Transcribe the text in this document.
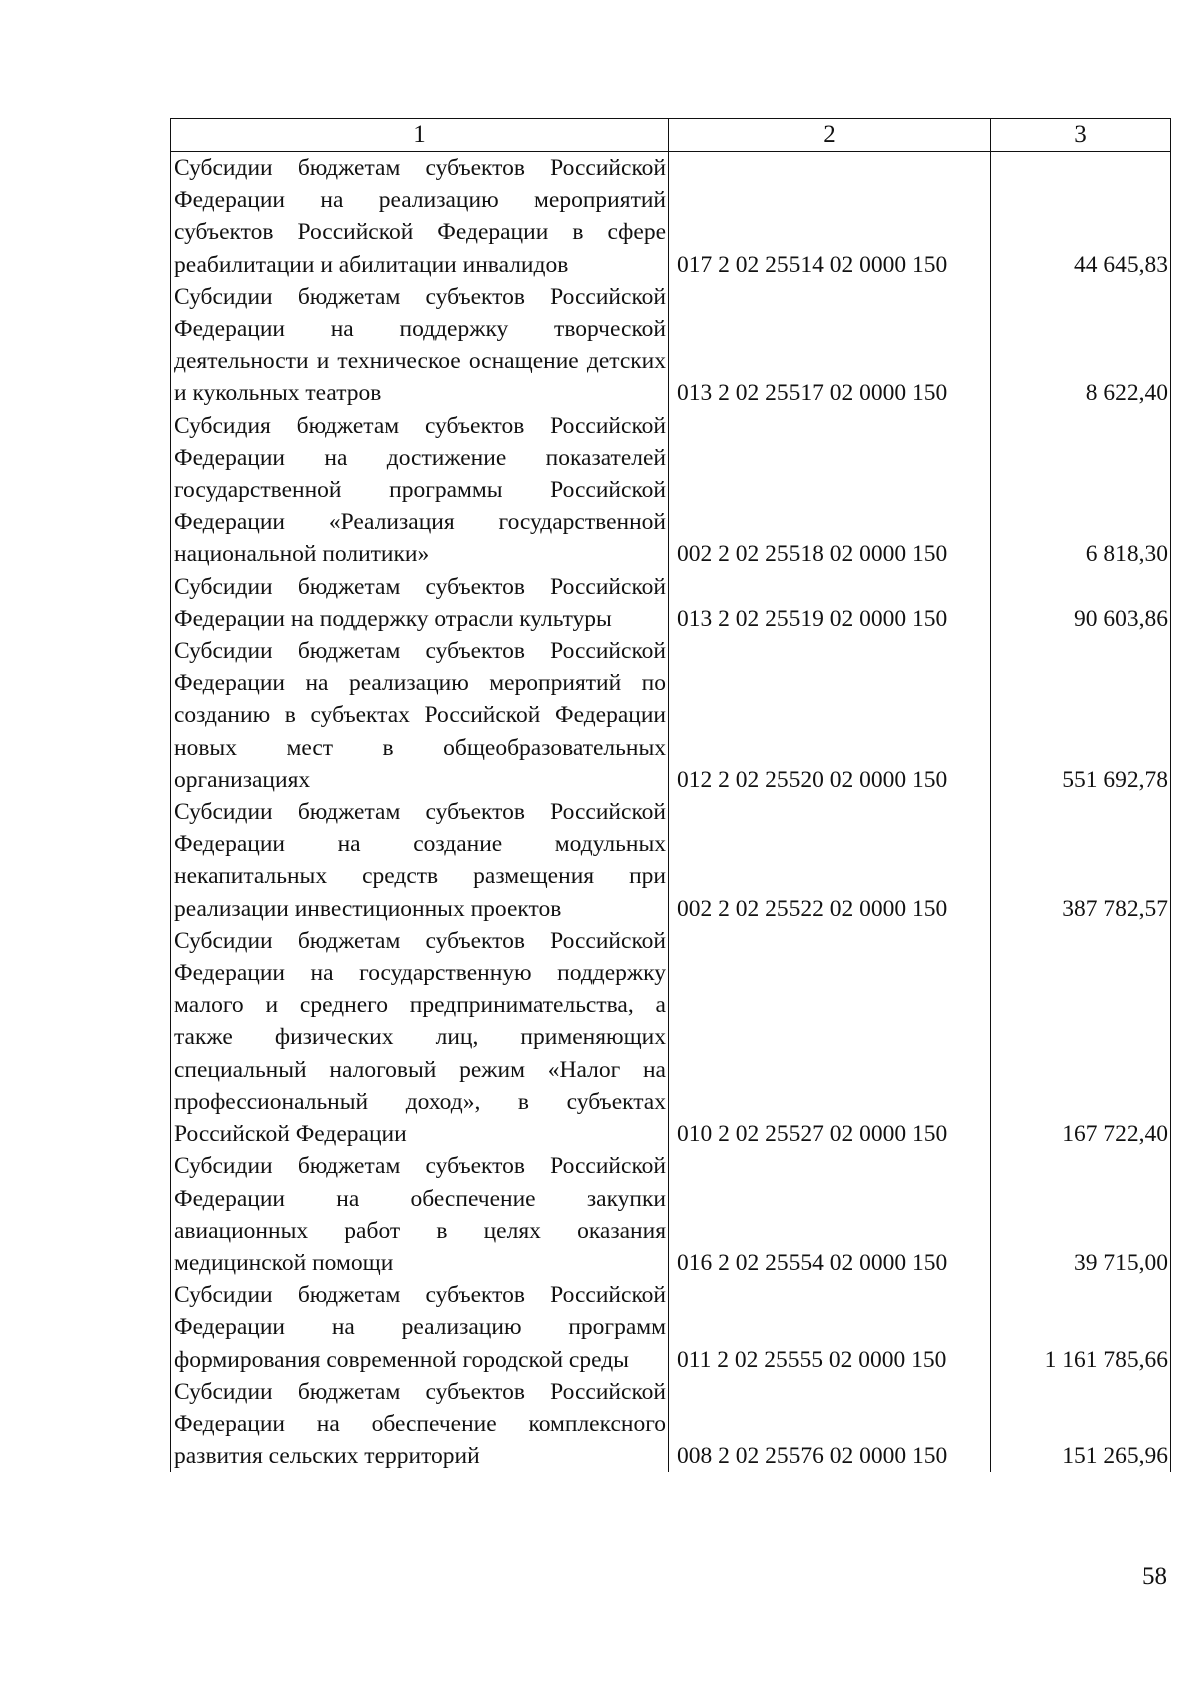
1	2	3
Субсидии бюджетам субъектов Российской Федерации на реализацию мероприятий субъектов Российской Федерации в сфере реабилитации и абилитации инвалидов	017 2 02 25514 02 0000 150	44 645,83
Субсидии бюджетам субъектов Российской Федерации на поддержку творческой деятельности и техническое оснащение детских и кукольных театров	013 2 02 25517 02 0000 150	8 622,40
Субсидия бюджетам субъектов Российской Федерации на достижение показателей государственной программы Российской Федерации «Реализация государственной национальной политики»	002 2 02 25518 02 0000 150	6 818,30
Субсидии бюджетам субъектов Российской Федерации на поддержку отрасли культуры	013 2 02 25519 02 0000 150	90 603,86
Субсидии бюджетам субъектов Российской Федерации на реализацию мероприятий по созданию в субъектах Российской Федерации новых мест в общеобразовательных организациях	012 2 02 25520 02 0000 150	551 692,78
Субсидии бюджетам субъектов Российской Федерации на создание модульных некапитальных средств размещения при реализации инвестиционных проектов	002 2 02 25522 02 0000 150	387 782,57
Субсидии бюджетам субъектов Российской Федерации на государственную поддержку малого и среднего предпринимательства, а также физических лиц, применяющих специальный налоговый режим «Налог на профессиональный доход», в субъектах Российской Федерации	010 2 02 25527 02 0000 150	167 722,40
Субсидии бюджетам субъектов Российской Федерации на обеспечение закупки авиационных работ в целях оказания медицинской помощи	016 2 02 25554 02 0000 150	39 715,00
Субсидии бюджетам субъектов Российской Федерации на реализацию программ формирования современной городской среды	011 2 02 25555 02 0000 150	1 161 785,66
Субсидии бюджетам субъектов Российской Федерации на обеспечение комплексного развития сельских территорий	008 2 02 25576 02 0000 150	151 265,96
58
